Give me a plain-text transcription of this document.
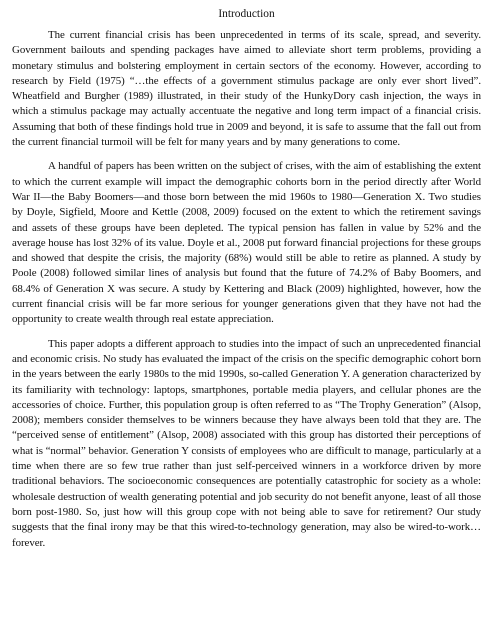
Introduction

The current financial crisis has been unprecedented in terms of its scale, spread, and severity. Government bailouts and spending packages have aimed to alleviate short term problems, providing a monetary stimulus and bolstering employment in certain sectors of the economy. However, according to research by Field (1975) “…the effects of a government stimulus package are only ever short lived”. Wheatfield and Burgher (1989) illustrated, in their study of the HunkyDory cash injection, the ways in which a stimulus package may actually accentuate the negative and long term impact of a financial crisis. Assuming that both of these findings hold true in 2009 and beyond, it is safe to assume that the fall out from the current financial turmoil will be felt for many years and by many generations to come.

A handful of papers has been written on the subject of crises, with the aim of establishing the extent to which the current example will impact the demographic cohorts born in the period directly after World War II—the Baby Boomers—and those born between the mid 1960s to 1980—Generation X. Two studies by Doyle, Sigfield, Moore and Kettle (2008, 2009) focused on the extent to which the retirement savings and assets of these groups have been depleted. The typical pension has fallen in value by 52% and the average house has lost 32% of its value. Doyle et al., 2008 put forward financial projections for these groups and showed that despite the crisis, the majority (68%) would still be able to retire as planned. A study by Poole (2008) followed similar lines of analysis but found that the future of 74.2% of Baby Boomers, and 68.4% of Generation X was secure. A study by Kettering and Black (2009) highlighted, however, how the current financial crisis will be far more serious for younger generations given that they have not had the opportunity to create wealth through real estate appreciation.

This paper adopts a different approach to studies into the impact of such an unprecedented financial and economic crisis. No study has evaluated the impact of the crisis on the specific demographic cohort born in the years between the early 1980s to the mid 1990s, so-called Generation Y. A generation characterized by its familiarity with technology: laptops, smartphones, portable media players, and cellular phones are the accessories of choice. Further, this population group is often referred to as “The Trophy Generation” (Alsop, 2008); members consider themselves to be winners because they have always been told that they are. The “perceived sense of entitlement” (Alsop, 2008) associated with this group has distorted their perceptions of what is “normal” behavior. Generation Y consists of employees who are difficult to manage, particularly at a time when there are so few true rather than just self-perceived winners in a workforce driven by more traditional behaviors. The socioeconomic consequences are potentially catastrophic for society as a whole: wholesale destruction of wealth generating potential and job security do not benefit anyone, least of all those born post-1980. So, just how will this group cope with not being able to save for retirement? Our study suggests that the final irony may be that this wired-to-technology generation, may also be wired-to-work…forever.
